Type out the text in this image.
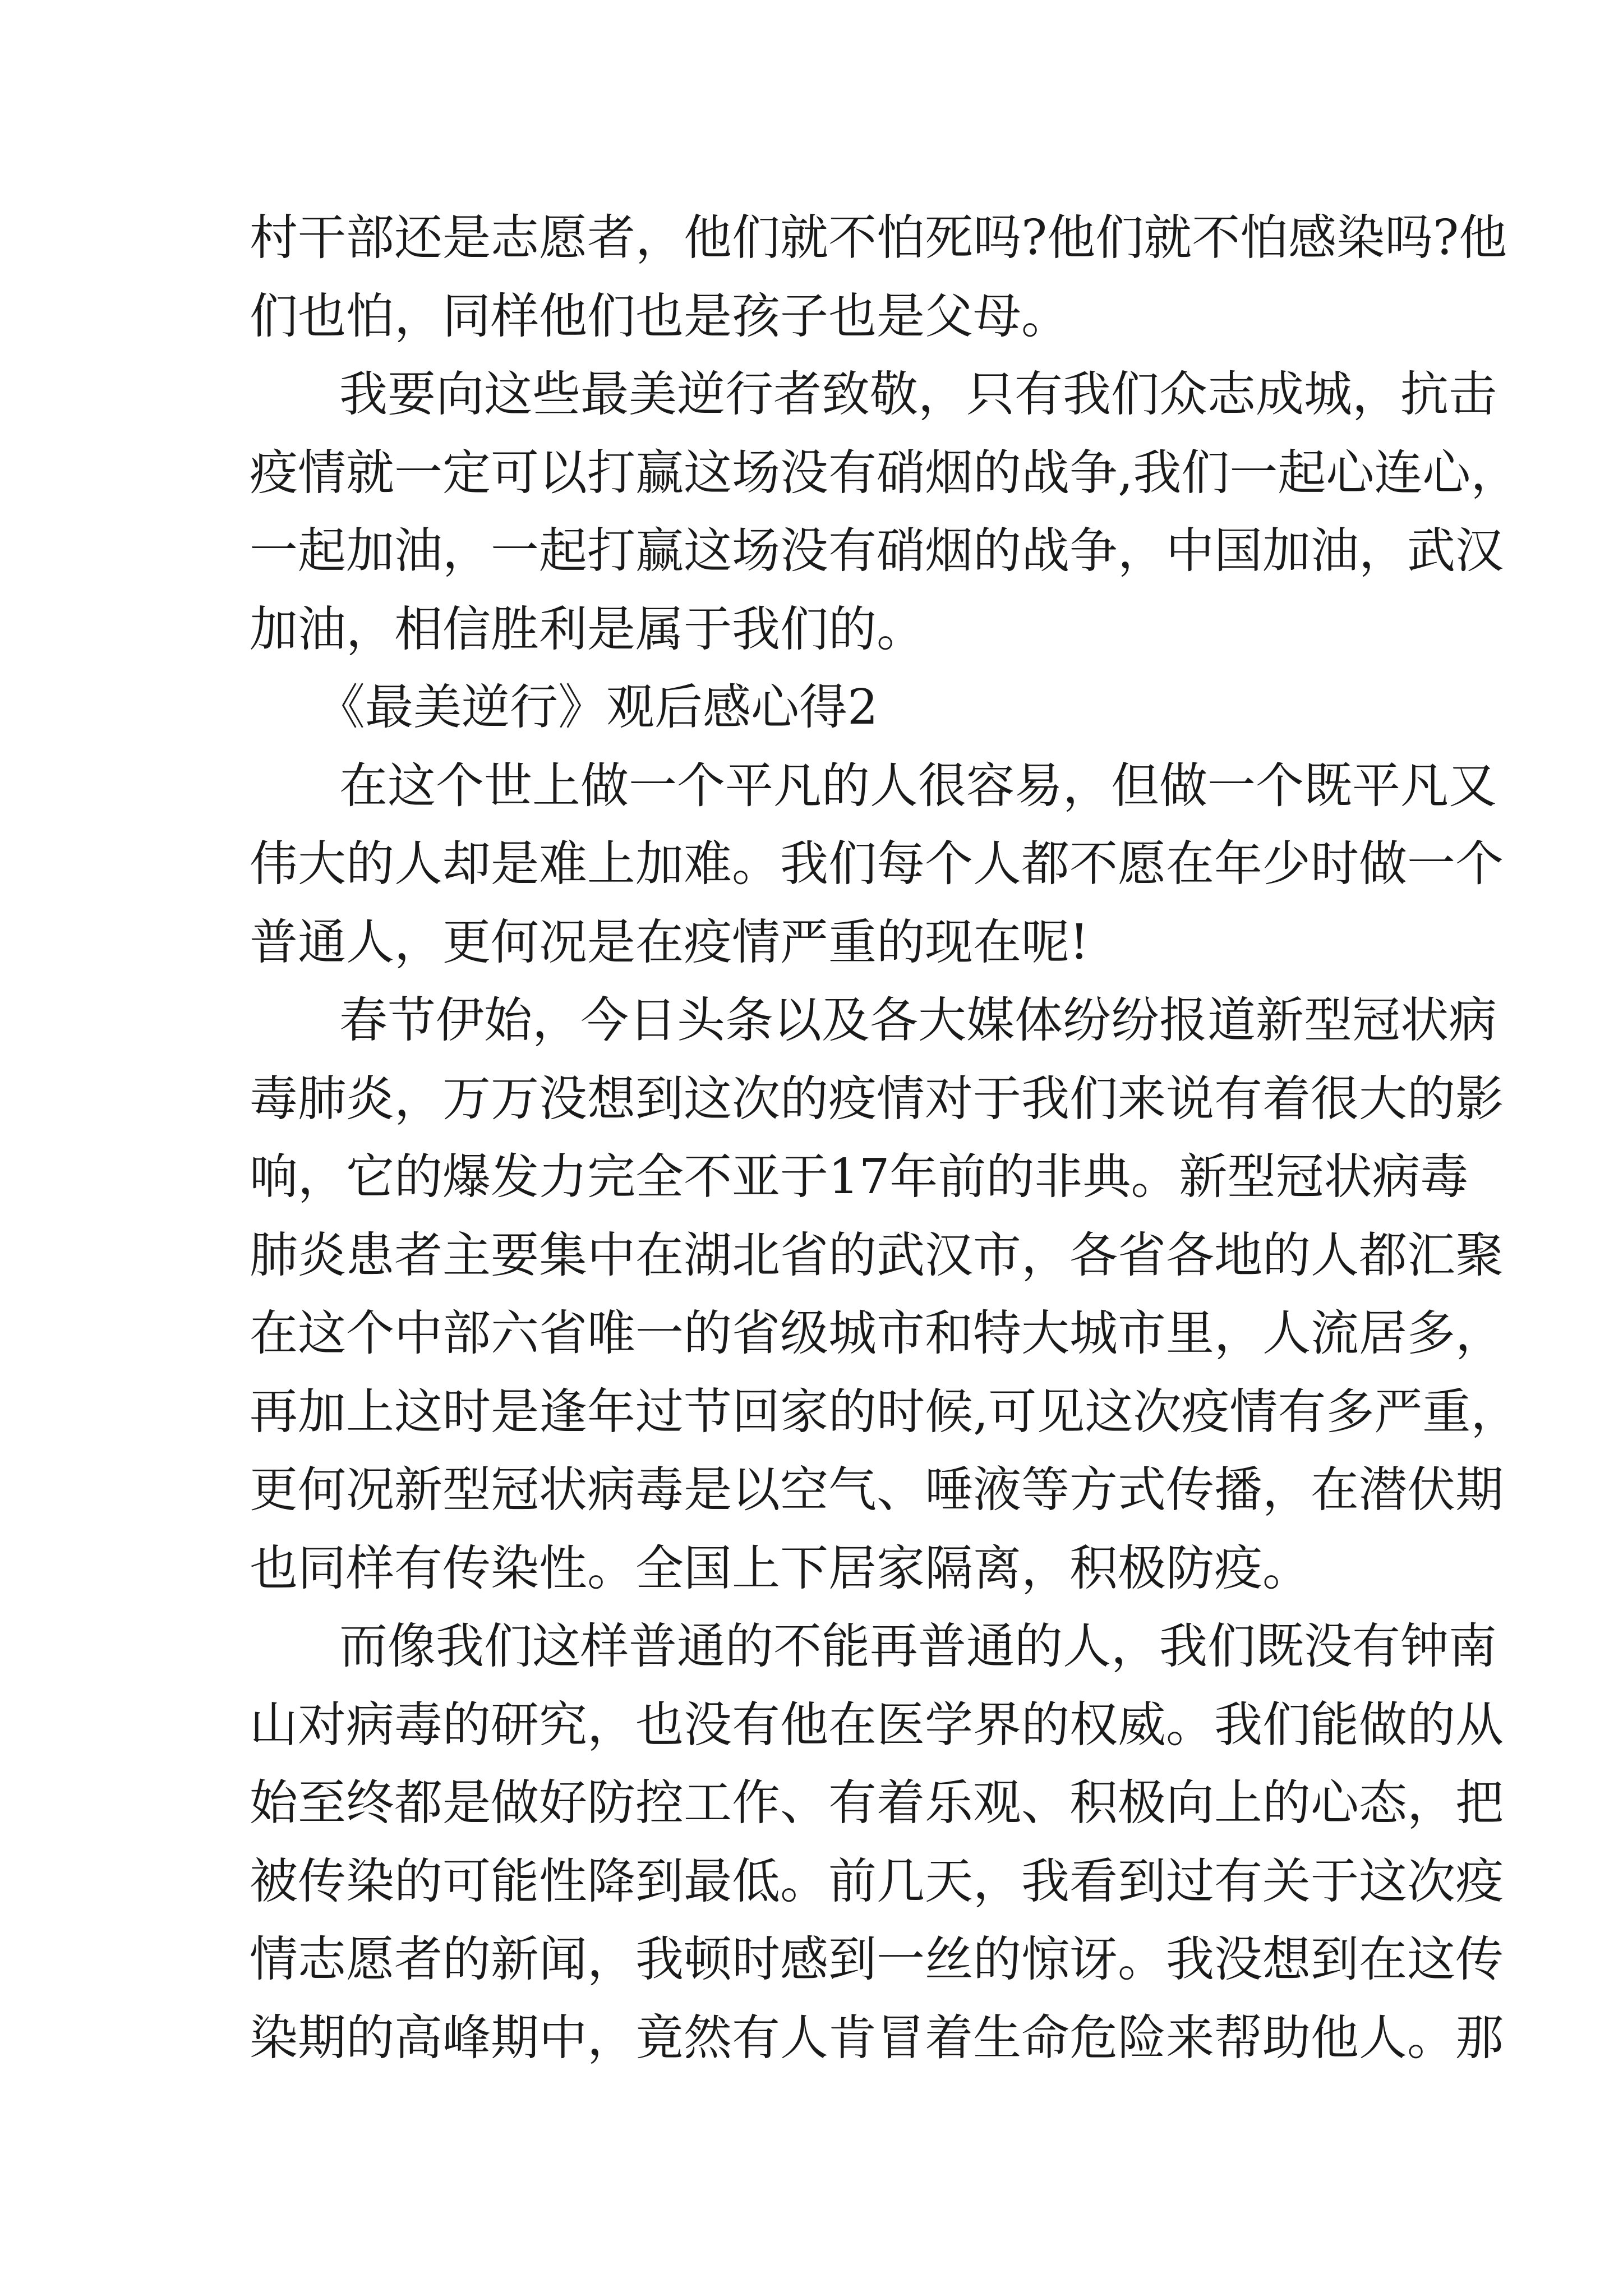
村干部还是志愿者，他们就不怕死吗?他们就不怕感染吗?他
们也怕，同样他们也是孩子也是父母。
我要向这些最美逆行者致敬，只有我们众志成城，抗击
疫情就一定可以打赢这场没有硝烟的战争,我们一起心连心，
一起加油，一起打赢这场没有硝烟的战争，中国加油，武汉
加油，相信胜利是属于我们的。
《最美逆行》观后感心得2
在这个世上做一个平凡的人很容易，但做一个既平凡又
伟大的人却是难上加难。我们每个人都不愿在年少时做一个
普通人，更何况是在疫情严重的现在呢!
春节伊始，今日头条以及各大媒体纷纷报道新型冠状病
毒肺炎，万万没想到这次的疫情对于我们来说有着很大的影
响，它的爆发力完全不亚于17年前的非典。新型冠状病毒
肺炎患者主要集中在湖北省的武汉市，各省各地的人都汇聚
在这个中部六省唯一的省级城市和特大城市里，人流居多，
再加上这时是逢年过节回家的时候,可见这次疫情有多严重，
更何况新型冠状病毒是以空气、唾液等方式传播，在潜伏期
也同样有传染性。全国上下居家隔离，积极防疫。
而像我们这样普通的不能再普通的人，我们既没有钟南
山对病毒的研究，也没有他在医学界的权威。我们能做的从
始至终都是做好防控工作、有着乐观、积极向上的心态，把
被传染的可能性降到最低。前几天，我看到过有关于这次疫
情志愿者的新闻，我顿时感到一丝的惊讶。我没想到在这传
染期的高峰期中，竟然有人肯冒着生命危险来帮助他人。那
